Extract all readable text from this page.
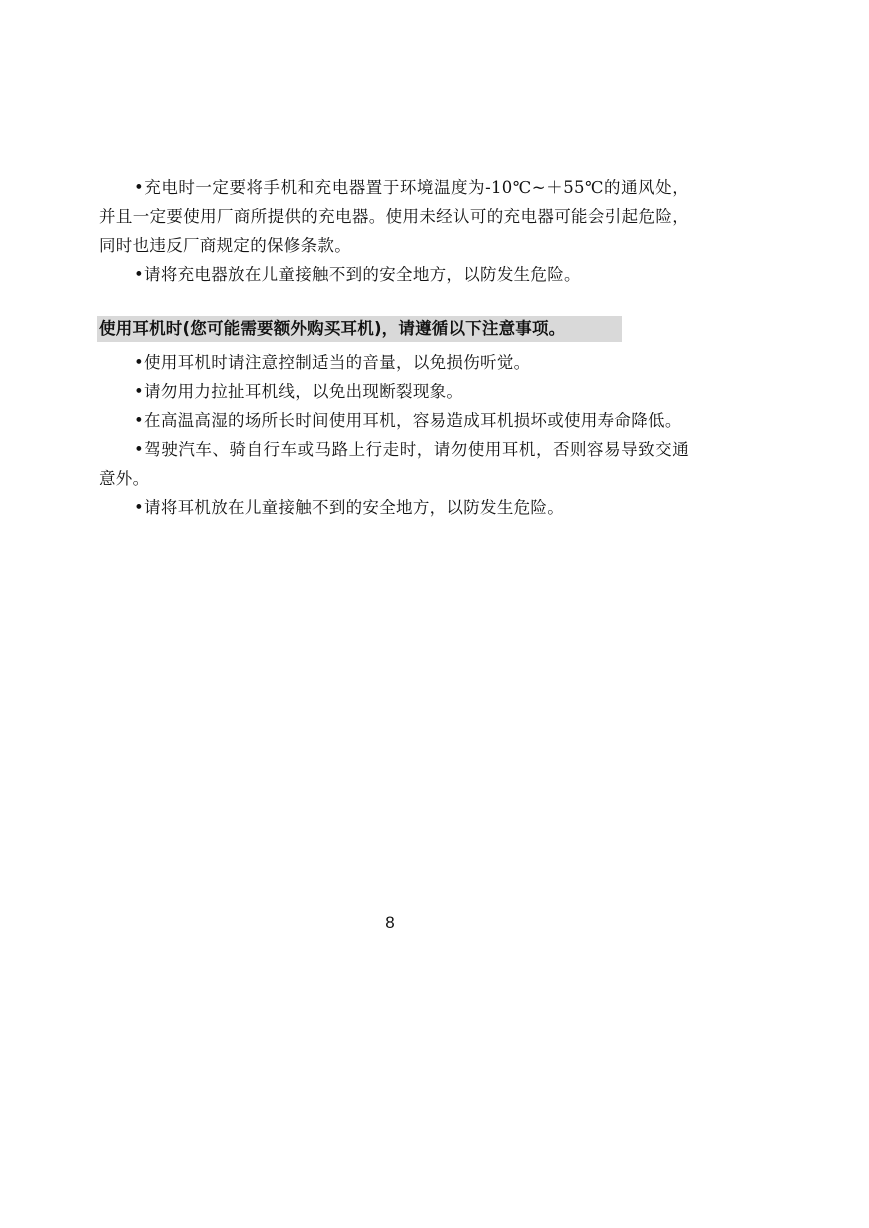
•充电时一定要将手机和充电器置于环境温度为-10℃~＋55℃的通风处，并且一定要使用厂商所提供的充电器。使用未经认可的充电器可能会引起危险，同时也违反厂商规定的保修条款。

•请将充电器放在儿童接触不到的安全地方，以防发生危险。

使用耳机时(您可能需要额外购买耳机)，请遵循以下注意事项。

•使用耳机时请注意控制适当的音量，以免损伤听觉。

•请勿用力拉扯耳机线，以免出现断裂现象。

•在高温高湿的场所长时间使用耳机，容易造成耳机损坏或使用寿命降低。

•驾驶汽车、骑自行车或马路上行走时，请勿使用耳机，否则容易导致交通意外。

•请将耳机放在儿童接触不到的安全地方，以防发生危险。

8
